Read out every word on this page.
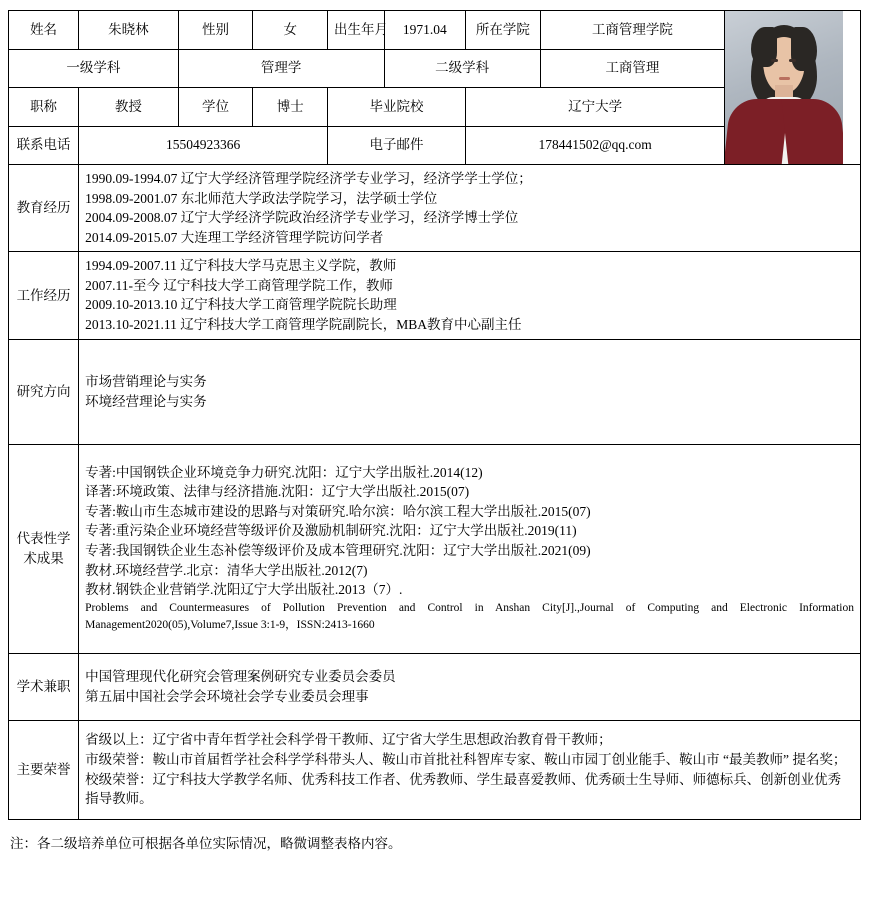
姓名	朱晓林	性别	女	出生年月	1971.04	所在学院	工商管理学院	

一级学科		管理学			二级学科		工商管理	
职称	教授	学位	博士	毕业院校		辽宁大学		
联系电话	15504923366			电子邮件		178441502@qq.com		

教育经历	1990.09-1994.07 辽宁大学经济管理学院经济学专业学习，经济学学士学位；
1998.09-2001.07 东北师范大学政法学院学习，法学硕士学位
2004.09-2008.07 辽宁大学经济学院政治经济学专业学习，经济学博士学位
2014.09-2015.07 大连理工学经济管理学院访问学者							

工作经历	1994.09-2007.11 辽宁科技大学马克思主义学院，教师
2007.11-至今 辽宁科技大学工商管理学院工作，教师
2009.10-2013.10 辽宁科技大学工商管理学院院长助理
2013.10-2021.11 辽宁科技大学工商管理学院副院长，MBA教育中心副主任							

研究方向	市场营销理论与实务
环境经营理论与实务							

代表性学术成果

专著:中国钢铁企业环境竞争力研究.沈阳：辽宁大学出版社.2014(12)
译著:环境政策、法律与经济措施.沈阳：辽宁大学出版社.2015(07)
专著:鞍山市生态城市建设的思路与对策研究.哈尔滨：哈尔滨工程大学出版社.2015(07)
专著:重污染企业环境经营等级评价及激励机制研究.沈阳：辽宁大学出版社.2019(11)
专著:我国钢铁企业生态补偿等级评价及成本管理研究.沈阳：辽宁大学出版社.2021(09)
教材.环境经营学.北京：清华大学出版社.2012(7)
教材.钢铁企业营销学.沈阳辽宁大学出版社.2013（7）.
Problems and Countermeasures of Pollution Prevention and Control in Anshan City[J].,Journal of Computing and Electronic Information Management2020(05),Volume7,Issue 3:1-9，ISSN:2413-1660

学术兼职	中国管理现代化研究会管理案例研究专业委员会委员
第五届中国社会学会环境社会学专业委员会理事							

主要荣誉	省级以上：辽宁省中青年哲学社会科学骨干教师、辽宁省大学生思想政治教育骨干教师；
市级荣誉：鞍山市首届哲学社会科学学科带头人、鞍山市首批社科智库专家、鞍山市园丁创业能手、鞍山市 “最美教师” 提名奖；
校级荣誉：辽宁科技大学教学名师、优秀科技工作者、优秀教师、学生最喜爱教师、优秀硕士生导师、师德标兵、创新创业优秀指导教师。							
注：各二级培养单位可根据各单位实际情况，略微调整表格内容。
